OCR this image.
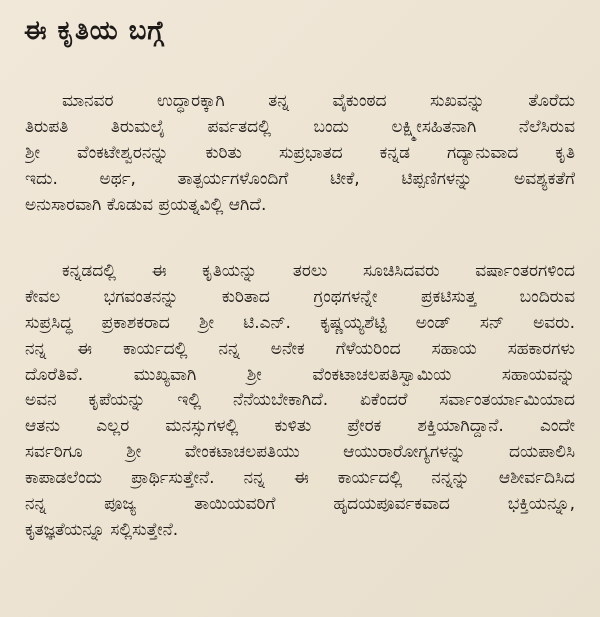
ಈ ಕೃತಿಯ ಬಗ್ಗೆ
ಮಾನವರ ಉದ್ಧಾರಕ್ಕಾಗಿ ತನ್ನ ವೈಕುಂಠದ ಸುಖವನ್ನು ತೊರೆದು
ತಿರುಪತಿ ತಿರುಮಲೈ ಪರ್ವತದಲ್ಲಿ ಬಂದು ಲಕ್ಷ್ಮೀಸಹಿತನಾಗಿ ನೆಲೆಸಿರುವ
ಶ್ರೀ ವೆಂಕಟೇಶ್ವರನನ್ನು ಕುರಿತು ಸುಪ್ರಭಾತದ ಕನ್ನಡ ಗದ್ಯಾನುವಾದ ಕೃತಿ
ಇದು. ಅರ್ಥ, ತಾತ್ಪರ್ಯಗಳೊಂದಿಗೆ ಟೀಕೆ, ಟಿಪ್ಪಣಿಗಳನ್ನು ಅವಶ್ಯಕತೆಗೆ
ಅನುಸಾರವಾಗಿ ಕೊಡುವ ಪ್ರಯತ್ನವಿಲ್ಲಿ ಆಗಿದೆ.
ಕನ್ನಡದಲ್ಲಿ ಈ ಕೃತಿಯನ್ನು ತರಲು ಸೂಚಿಸಿದವರು ವರ್ಷಾಂತರಗಳಿಂದ
ಕೇವಲ ಭಗವಂತನನ್ನು ಕುರಿತಾದ ಗ್ರಂಥಗಳನ್ನೇ ಪ್ರಕಟಿಸುತ್ತ ಬಂದಿರುವ
ಸುಪ್ರಸಿದ್ಧ ಪ್ರಕಾಶಕರಾದ ಶ್ರೀ ಟಿ.ಎನ್. ಕೃಷ್ಣಯ್ಯಶೆಟ್ಟಿ ಅಂಡ್ ಸನ್ ಅವರು.
ನನ್ನ ಈ ಕಾರ್ಯದಲ್ಲಿ ನನ್ನ ಅನೇಕ ಗೆಳೆಯರಿಂದ ಸಹಾಯ ಸಹಕಾರಗಳು
ದೊರೆತಿವೆ. ಮುಖ್ಯವಾಗಿ ಶ್ರೀ ವೆಂಕಟಾಚಲಪತಿಸ್ವಾಮಿಯ ಸಹಾಯವನ್ನು
ಅವನ ಕೃಪೆಯನ್ನು ಇಲ್ಲಿ ನೆನೆಯಬೇಕಾಗಿದೆ. ಏಕೆಂದರೆ ಸರ್ವಾಂತರ್ಯಾಮಿಯಾದ
ಆತನು ಎಲ್ಲರ ಮನಸ್ಸುಗಳಲ್ಲಿ ಕುಳಿತು ಪ್ರೇರಕ ಶಕ್ತಿಯಾಗಿದ್ದಾನೆ. ಎಂದೇ
ಸರ್ವರಿಗೂ ಶ್ರೀ ವೇಂಕಟಾಚಲಪತಿಯು ಆಯುರಾರೋಗ್ಯಗಳನ್ನು ದಯಪಾಲಿಸಿ
ಕಾಪಾಡಲೆಂದು ಪ್ರಾರ್ಥಿಸುತ್ತೇನೆ. ನನ್ನ ಈ ಕಾರ್ಯದಲ್ಲಿ ನನ್ನನ್ನು ಆಶೀರ್ವದಿಸಿದ
ನನ್ನ ಪೂಜ್ಯ ತಾಯಿಯವರಿಗೆ ಹೃದಯಪೂರ್ವಕವಾದ ಭಕ್ತಿಯನ್ನೂ,
ಕೃತಜ್ಞತೆಯನ್ನೂ ಸಲ್ಲಿಸುತ್ತೇನೆ.
